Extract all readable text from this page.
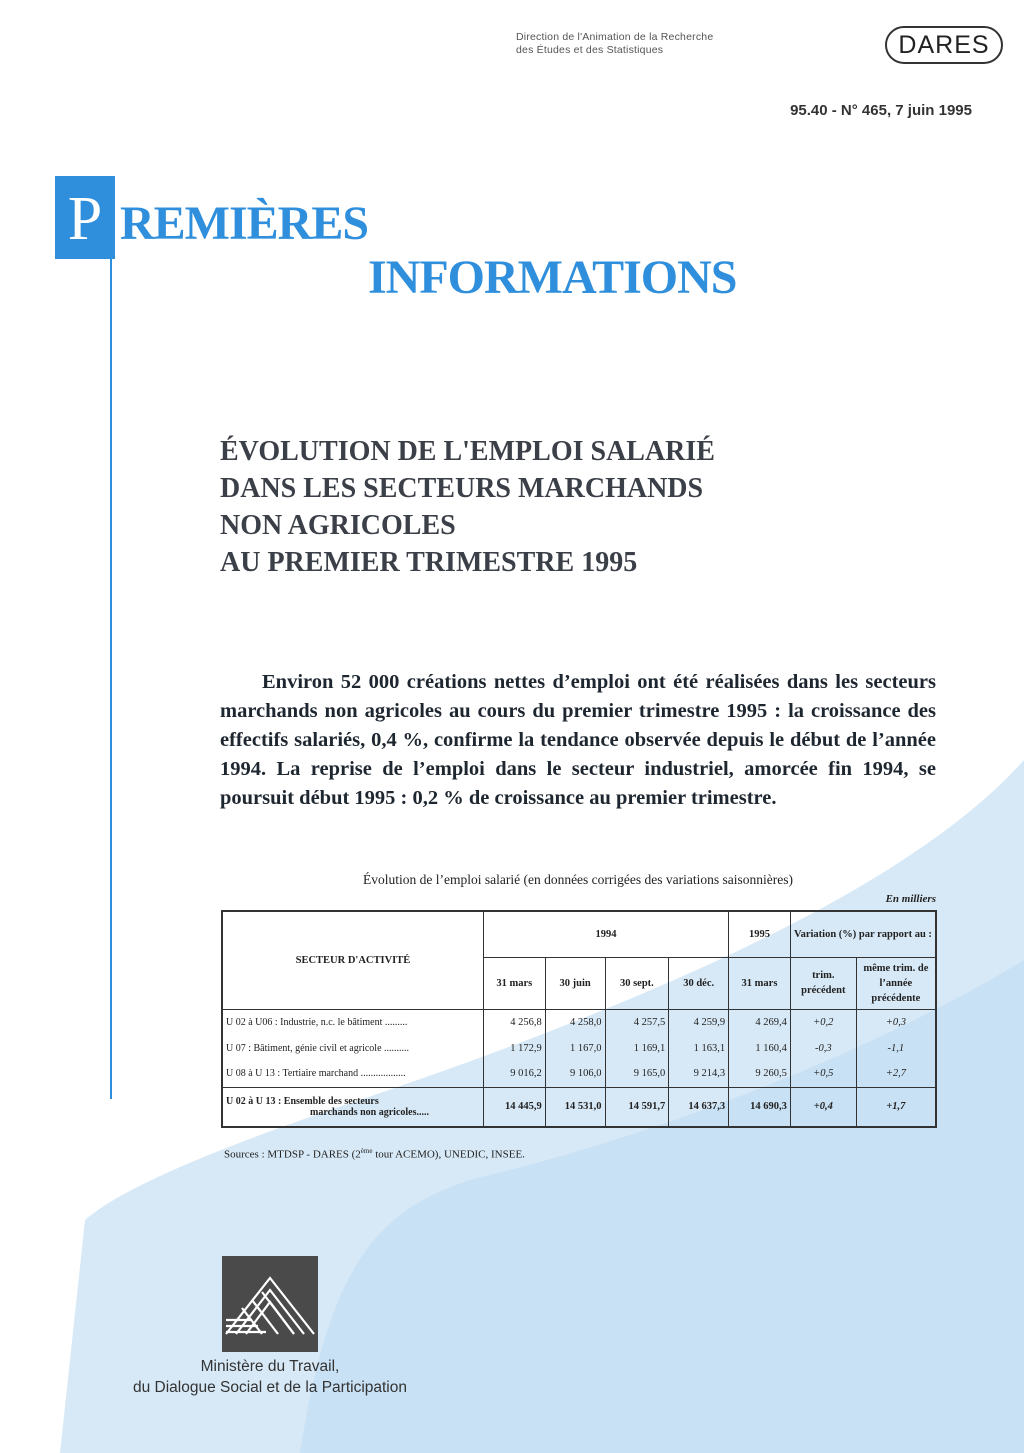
Direction de l'Animation de la Recherche
des Études et des Statistiques	DARES
95.40 - N° 465, 7 juin 1995
P REMIÈRES
INFORMATIONS
ÉVOLUTION DE L'EMPLOI SALARIÉ
DANS LES SECTEURS MARCHANDS
NON AGRICOLES
AU PREMIER TRIMESTRE 1995
Environ 52 000 créations nettes d’emploi ont été réalisées dans les secteurs marchands non agricoles au cours du premier trimestre 1995 : la croissance des effectifs salariés, 0,4 %, confirme la tendance observée depuis le début de l’année 1994. La reprise de l’emploi dans le secteur industriel, amorcée fin 1994, se poursuit début 1995 : 0,2 % de croissance au premier trimestre.
Évolution de l’emploi salarié (en données corrigées des variations saisonnières)
En milliers
SECTEUR D'ACTIVITÉ	1994				1995	Variation (%) par rapport au :	
	31 mars	30 juin	30 sept.	30 déc.	31 mars	trim. précédent	même trim. de l’année précédente
U 02 à U06 : Industrie, n.c. le bâtiment .........	4 256,8	4 258,0	4 257,5	4 259,9	4 269,4	+0,2	+0,3
U 07 : Bâtiment, génie civil et agricole ..........	1 172,9	1 167,0	1 169,1	1 163,1	1 160,4	-0,3	-1,1
U 08 à U 13 : Tertiaire marchand ..................	9 016,2	9 106,0	9 165,0	9 214,3	9 260,5	+0,5	+2,7

U 02 à U 13 : Ensemble des secteurs
marchands non agricoles.....	14 445,9	14 531,0	14 591,7	14 637,3	14 690,3	+0,4	+1,7
Sources : MTDSP - DARES (2ème tour ACEMO), UNEDIC, INSEE.
Ministère du Travail,
du Dialogue Social et de la Participation
